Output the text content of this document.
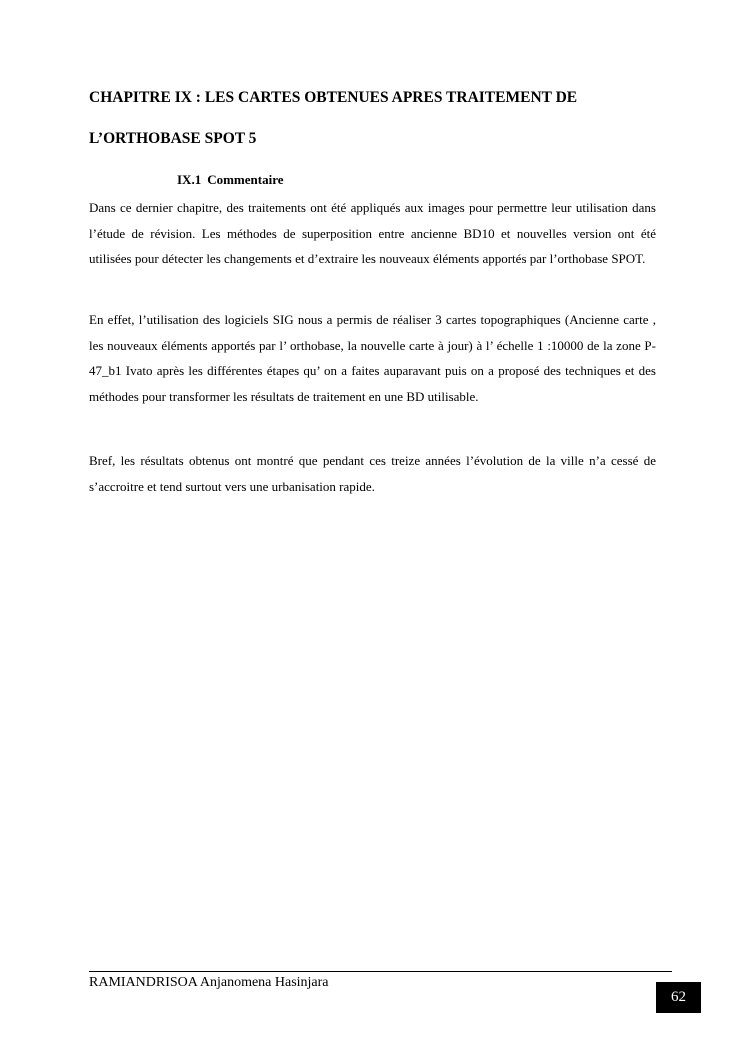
CHAPITRE IX : LES CARTES OBTENUES APRES TRAITEMENT DE
L’ORTHOBASE SPOT 5
IX.1 Commentaire

Dans ce dernier chapitre, des traitements ont été appliqués aux images pour permettre leur utilisation dans l’étude de révision. Les méthodes de superposition entre ancienne BD10 et nouvelles version ont été utilisées pour détecter les changements et d’extraire les nouveaux éléments apportés par l’orthobase SPOT.

En effet, l’utilisation des logiciels SIG nous a permis de réaliser 3 cartes topographiques (Ancienne carte , les nouveaux éléments apportés par l’ orthobase, la nouvelle carte à jour) à l’ échelle 1 :10000 de la zone P-47_b1 Ivato après les différentes étapes qu’ on a faites auparavant puis on a proposé des techniques et des méthodes pour transformer les résultats de traitement en une BD utilisable.

Bref, les résultats obtenus ont montré que pendant ces treize années l’évolution de la ville n’a cessé de s’accroitre et tend surtout vers une urbanisation rapide.

RAMIANDRISOA Anjanomena Hasinjara

62
